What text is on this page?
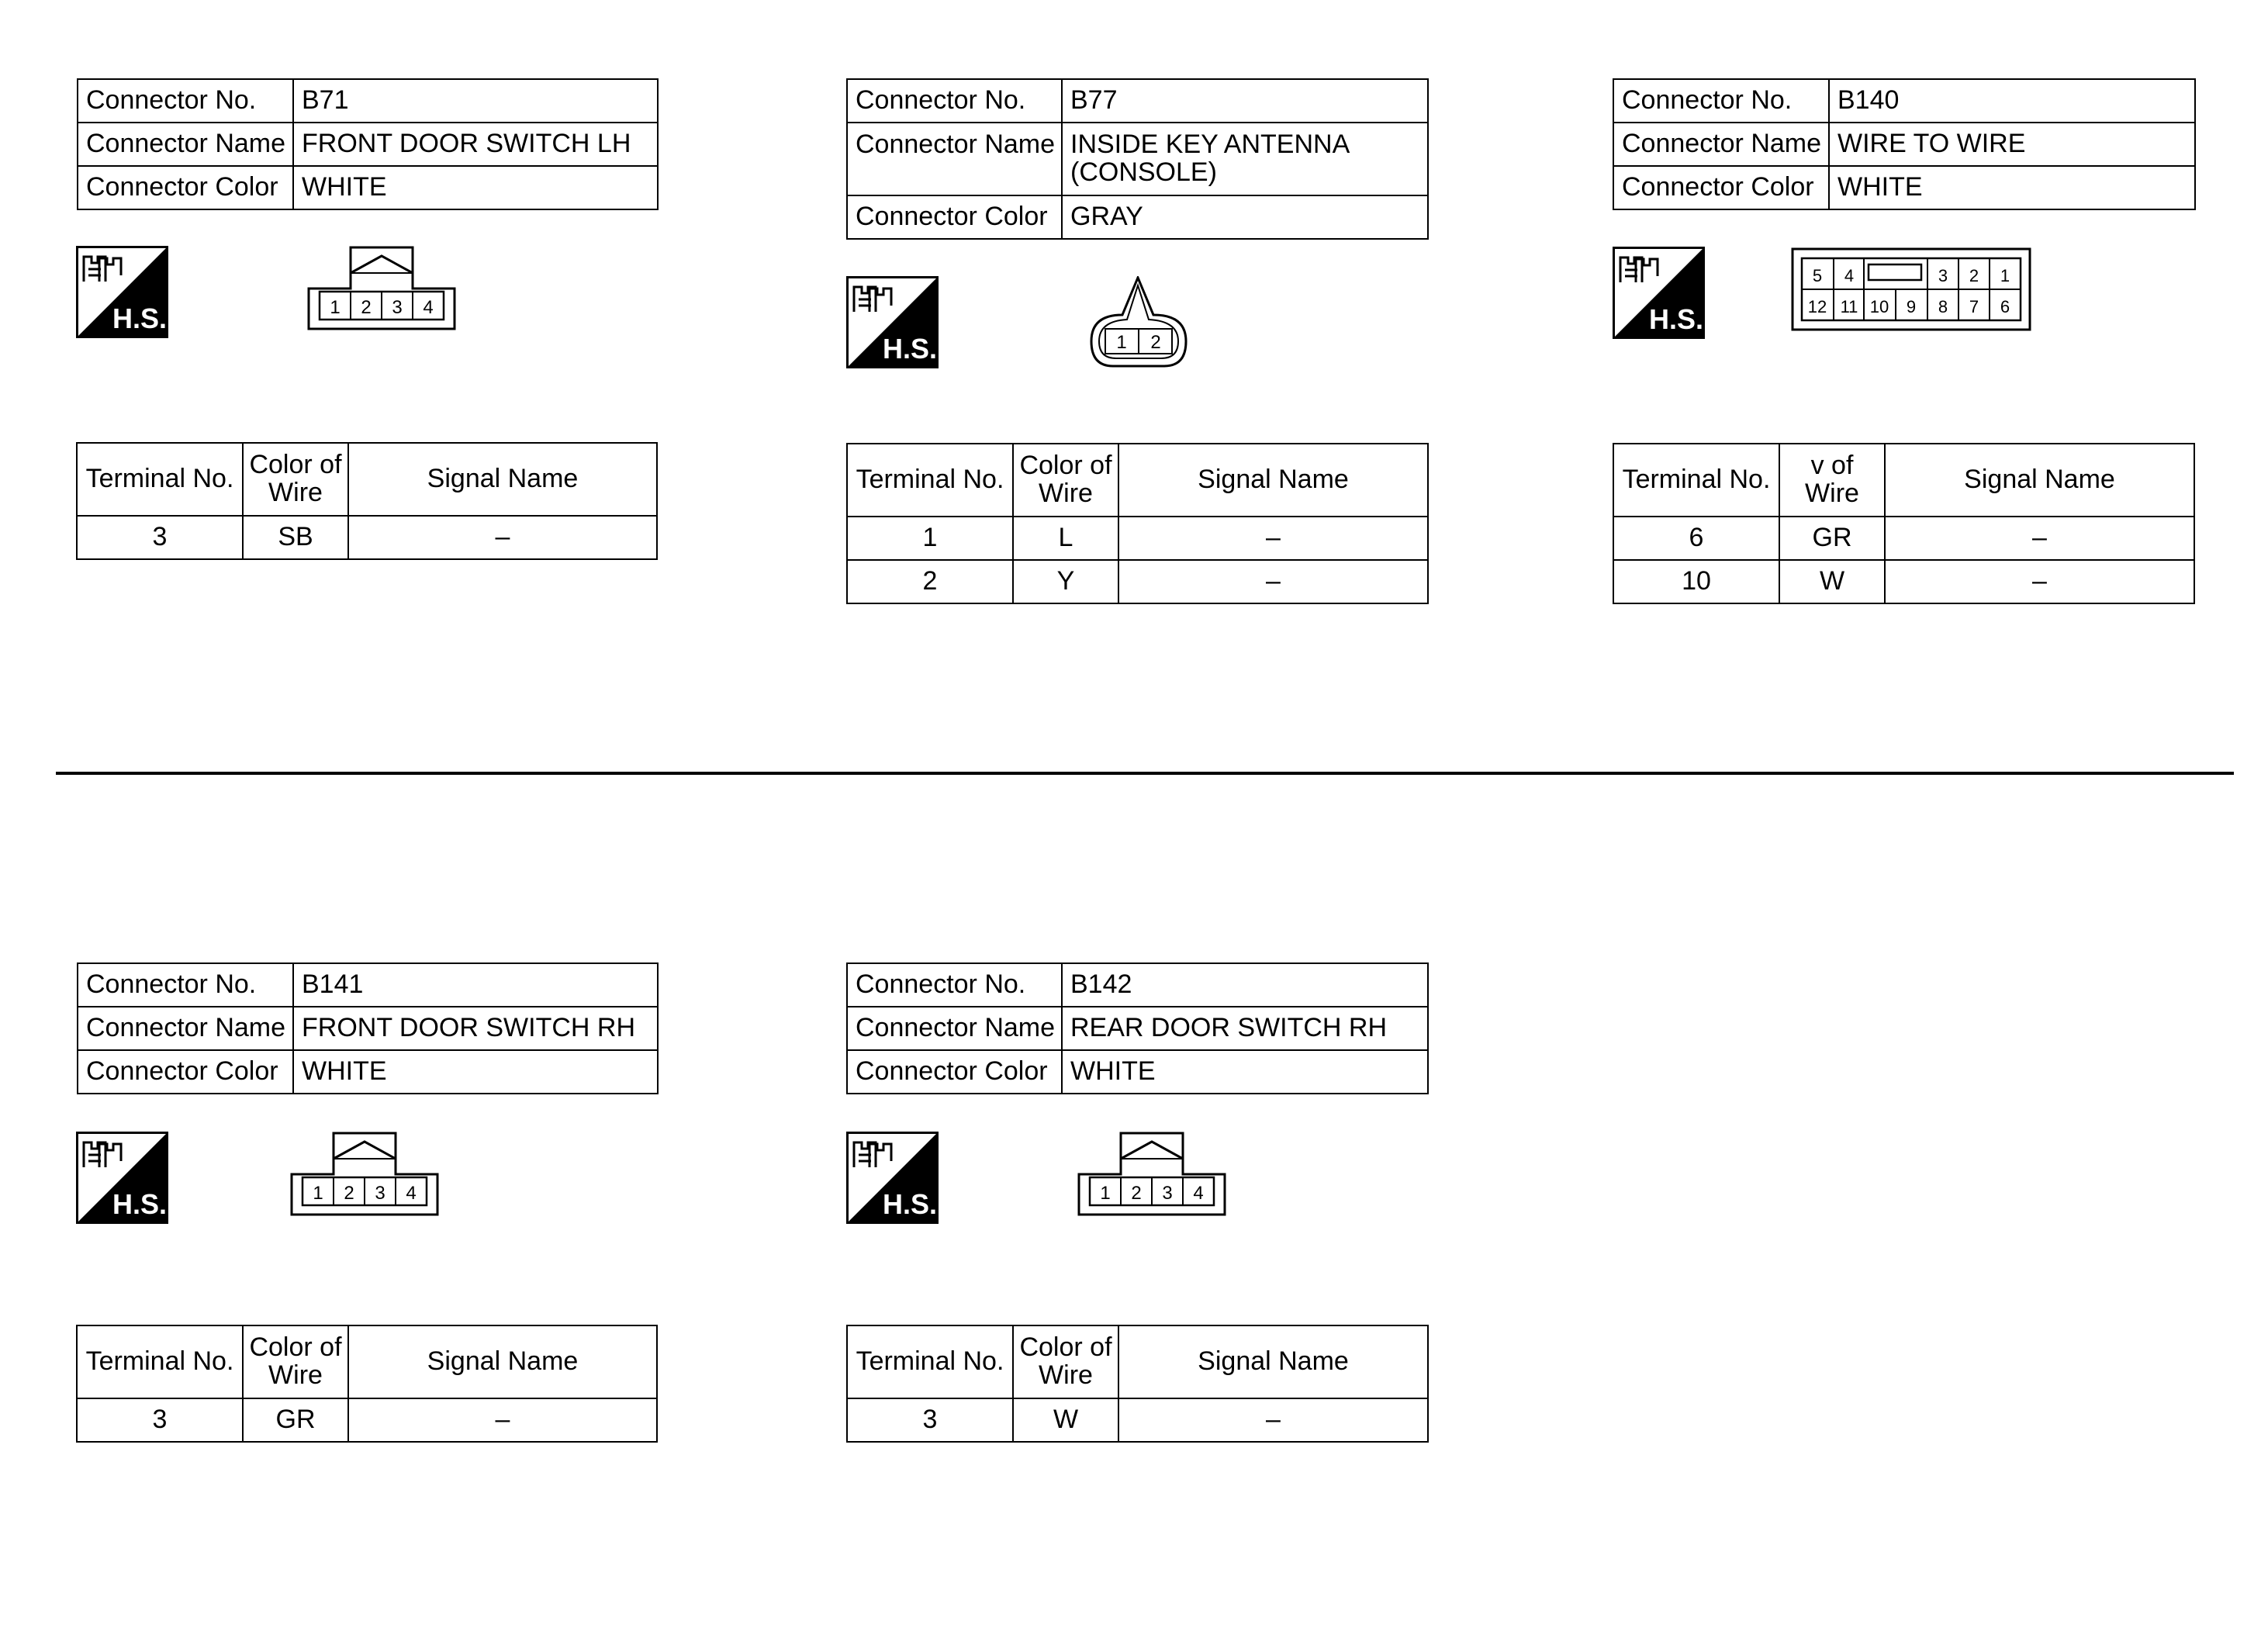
Connector No.	B71
Connector Name	FRONT DOOR SWITCH LH
Connector Color	WHITE
H.S.	1 2 3 4
Terminal No.	Color of Wire	Signal Name
3	SB	–
Connector No.	B77
Connector Name	INSIDE KEY ANTENNA (CONSOLE)
Connector Color	GRAY
H.S.	1 2
Terminal No.	Color of Wire	Signal Name
1	L	–
2	Y	–
Connector No.	B140
Connector Name	WIRE TO WIRE
Connector Color	WHITE
H.S.
5 4	3 2 1
12 11 10 9 8 7 6
Terminal No.	v of Wire	Signal Name
6	GR	–
10	W	–
Connector No.	B141
Connector Name	FRONT DOOR SWITCH RH
Connector Color	WHITE
H.S.	1 2 3 4
Terminal No.	Color of Wire	Signal Name
3	GR	–
Connector No.	B142
Connector Name	REAR DOOR SWITCH RH
Connector Color	WHITE
H.S.	1 2 3 4
Terminal No.	Color of Wire	Signal Name
3	W	–
